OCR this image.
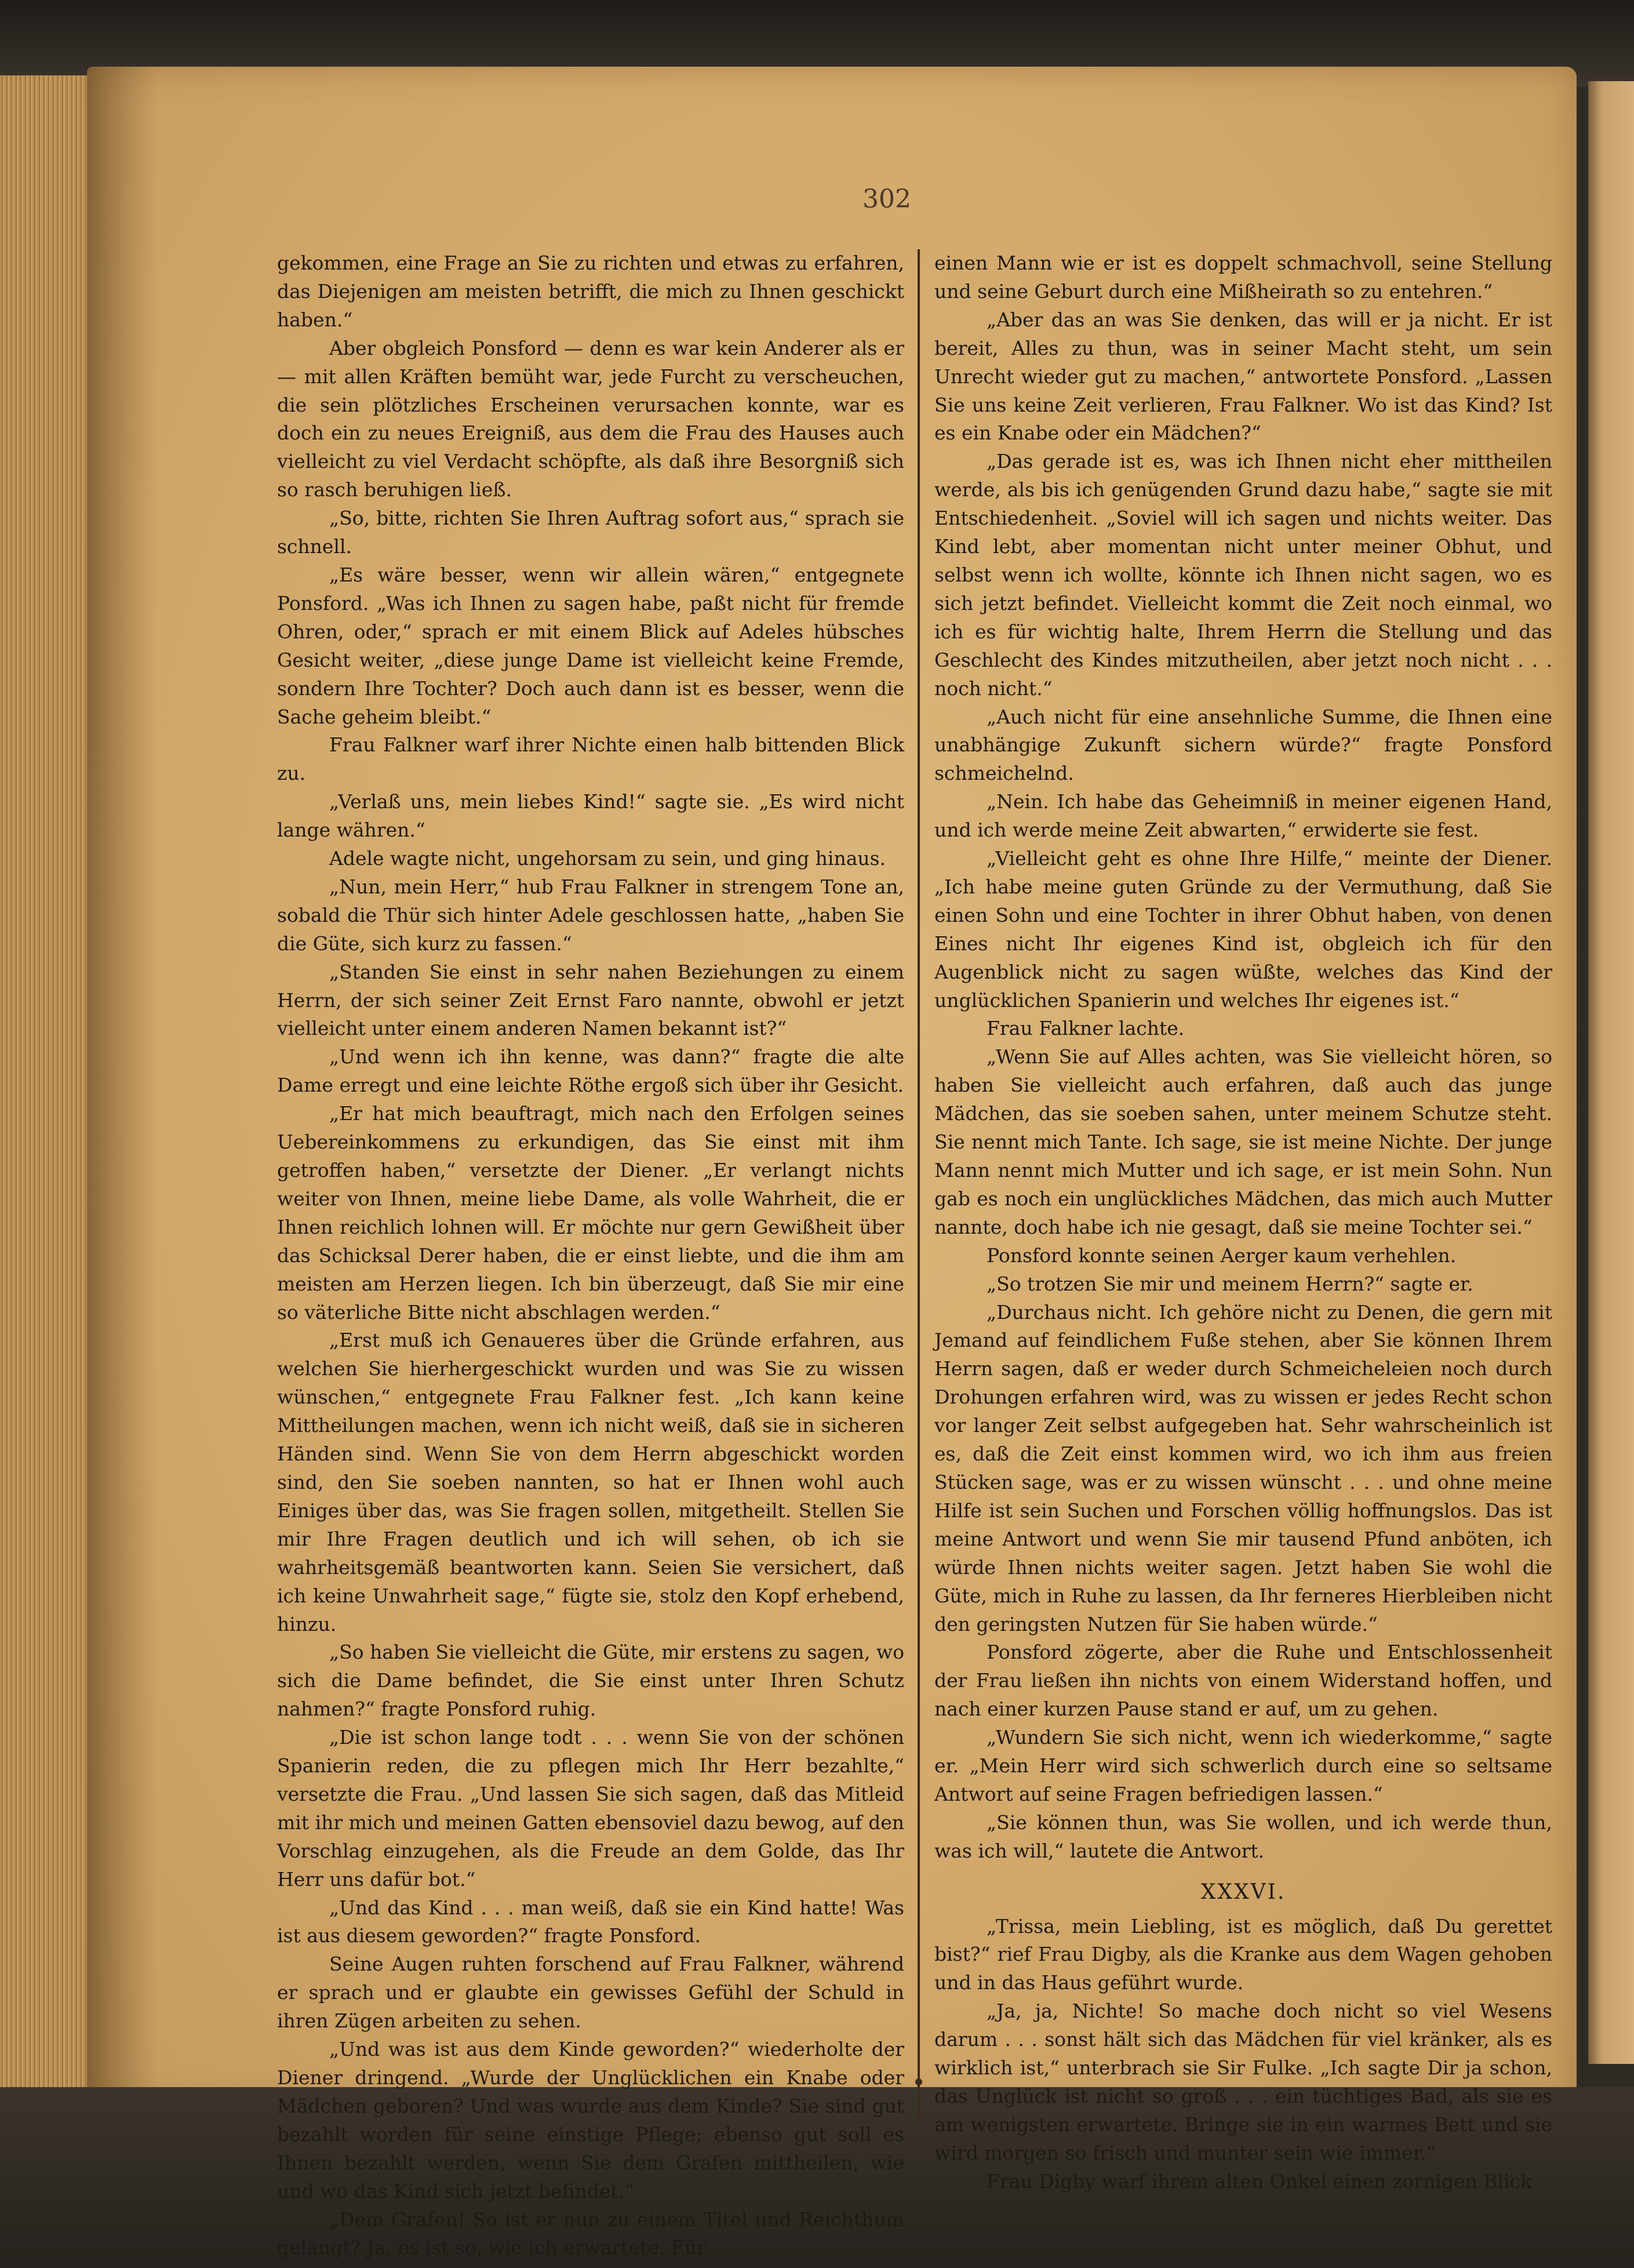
302

gekommen, eine Frage an Sie zu richten und etwas zu erfahren, das Diejenigen am meisten betrifft, die mich zu Ihnen geschickt haben.“

Aber obgleich Ponsford — denn es war kein Anderer als er — mit allen Kräften bemüht war, jede Furcht zu verscheuchen, die sein plötzliches Erscheinen verursachen konnte, war es doch ein zu neues Ereigniß, aus dem die Frau des Hauses auch vielleicht zu viel Verdacht schöpfte, als daß ihre Besorgniß sich so rasch beruhigen ließ.

„So, bitte, richten Sie Ihren Auftrag sofort aus,“ sprach sie schnell.

„Es wäre besser, wenn wir allein wären,“ entgegnete Ponsford. „Was ich Ihnen zu sagen habe, paßt nicht für fremde Ohren, oder,“ sprach er mit einem Blick auf Adeles hübsches Gesicht weiter, „diese junge Dame ist vielleicht keine Fremde, sondern Ihre Tochter? Doch auch dann ist es besser, wenn die Sache geheim bleibt.“

Frau Falkner warf ihrer Nichte einen halb bittenden Blick zu.

„Verlaß uns, mein liebes Kind!“ sagte sie. „Es wird nicht lange währen.“

Adele wagte nicht, ungehorsam zu sein, und ging hinaus.

„Nun, mein Herr,“ hub Frau Falkner in strengem Tone an, sobald die Thür sich hinter Adele geschlossen hatte, „haben Sie die Güte, sich kurz zu fassen.“

„Standen Sie einst in sehr nahen Beziehungen zu einem Herrn, der sich seiner Zeit Ernst Faro nannte, obwohl er jetzt vielleicht unter einem anderen Namen bekannt ist?“

„Und wenn ich ihn kenne, was dann?“ fragte die alte Dame erregt und eine leichte Röthe ergoß sich über ihr Gesicht.

„Er hat mich beauftragt, mich nach den Erfolgen seines Uebereinkommens zu erkundigen, das Sie einst mit ihm getroffen haben,“ versetzte der Diener. „Er verlangt nichts weiter von Ihnen, meine liebe Dame, als volle Wahrheit, die er Ihnen reichlich lohnen will. Er möchte nur gern Gewißheit über das Schicksal Derer haben, die er einst liebte, und die ihm am meisten am Herzen liegen. Ich bin überzeugt, daß Sie mir eine so väterliche Bitte nicht abschlagen werden.“

„Erst muß ich Genaueres über die Gründe erfahren, aus welchen Sie hierhergeschickt wurden und was Sie zu wissen wünschen,“ entgegnete Frau Falkner fest. „Ich kann keine Mittheilungen machen, wenn ich nicht weiß, daß sie in sicheren Händen sind. Wenn Sie von dem Herrn abgeschickt worden sind, den Sie soeben nannten, so hat er Ihnen wohl auch Einiges über das, was Sie fragen sollen, mitgetheilt. Stellen Sie mir Ihre Fragen deutlich und ich will sehen, ob ich sie wahrheitsgemäß beantworten kann. Seien Sie versichert, daß ich keine Unwahrheit sage,“ fügte sie, stolz den Kopf erhebend, hinzu.

„So haben Sie vielleicht die Güte, mir erstens zu sagen, wo sich die Dame befindet, die Sie einst unter Ihren Schutz nahmen?“ fragte Ponsford ruhig.

„Die ist schon lange todt . . . wenn Sie von der schönen Spanierin reden, die zu pflegen mich Ihr Herr bezahlte,“ versetzte die Frau. „Und lassen Sie sich sagen, daß das Mitleid mit ihr mich und meinen Gatten ebensoviel dazu bewog, auf den Vorschlag einzugehen, als die Freude an dem Golde, das Ihr Herr uns dafür bot.“

„Und das Kind . . . man weiß, daß sie ein Kind hatte! Was ist aus diesem geworden?“ fragte Ponsford.

Seine Augen ruhten forschend auf Frau Falkner, während er sprach und er glaubte ein gewisses Gefühl der Schuld in ihren Zügen arbeiten zu sehen.

„Und was ist aus dem Kinde geworden?“ wiederholte der Diener dringend. „Wurde der Unglücklichen ein Knabe oder Mädchen geboren? Und was wurde aus dem Kinde? Sie sind gut bezahlt worden für seine einstige Pflege; ebenso gut soll es Ihnen bezahlt werden, wenn Sie dem Grafen mittheilen, wie und wo das Kind sich jetzt befindet.“

„Dem Grafen! So ist er nun zu einem Titel und Reichthum gelangt? Ja, es ist so, wie ich erwartete. Für

einen Mann wie er ist es doppelt schmachvoll, seine Stellung und seine Geburt durch eine Mißheirath so zu entehren.“

„Aber das an was Sie denken, das will er ja nicht. Er ist bereit, Alles zu thun, was in seiner Macht steht, um sein Unrecht wieder gut zu machen,“ antwortete Ponsford. „Lassen Sie uns keine Zeit verlieren, Frau Falkner. Wo ist das Kind? Ist es ein Knabe oder ein Mädchen?“

„Das gerade ist es, was ich Ihnen nicht eher mittheilen werde, als bis ich genügenden Grund dazu habe,“ sagte sie mit Entschiedenheit. „Soviel will ich sagen und nichts weiter. Das Kind lebt, aber momentan nicht unter meiner Obhut, und selbst wenn ich wollte, könnte ich Ihnen nicht sagen, wo es sich jetzt befindet. Vielleicht kommt die Zeit noch einmal, wo ich es für wichtig halte, Ihrem Herrn die Stellung und das Geschlecht des Kindes mitzutheilen, aber jetzt noch nicht . . . noch nicht.“

„Auch nicht für eine ansehnliche Summe, die Ihnen eine unabhängige Zukunft sichern würde?“ fragte Ponsford schmeichelnd.

„Nein. Ich habe das Geheimniß in meiner eigenen Hand, und ich werde meine Zeit abwarten,“ erwiderte sie fest.

„Vielleicht geht es ohne Ihre Hilfe,“ meinte der Diener. „Ich habe meine guten Gründe zu der Vermuthung, daß Sie einen Sohn und eine Tochter in ihrer Obhut haben, von denen Eines nicht Ihr eigenes Kind ist, obgleich ich für den Augenblick nicht zu sagen wüßte, welches das Kind der unglücklichen Spanierin und welches Ihr eigenes ist.“

Frau Falkner lachte.

„Wenn Sie auf Alles achten, was Sie vielleicht hören, so haben Sie vielleicht auch erfahren, daß auch das junge Mädchen, das sie soeben sahen, unter meinem Schutze steht. Sie nennt mich Tante. Ich sage, sie ist meine Nichte. Der junge Mann nennt mich Mutter und ich sage, er ist mein Sohn. Nun gab es noch ein unglückliches Mädchen, das mich auch Mutter nannte, doch habe ich nie gesagt, daß sie meine Tochter sei.“

Ponsford konnte seinen Aerger kaum verhehlen.

„So trotzen Sie mir und meinem Herrn?“ sagte er.

„Durchaus nicht. Ich gehöre nicht zu Denen, die gern mit Jemand auf feindlichem Fuße stehen, aber Sie können Ihrem Herrn sagen, daß er weder durch Schmeicheleien noch durch Drohungen erfahren wird, was zu wissen er jedes Recht schon vor langer Zeit selbst aufgegeben hat. Sehr wahrscheinlich ist es, daß die Zeit einst kommen wird, wo ich ihm aus freien Stücken sage, was er zu wissen wünscht . . . und ohne meine Hilfe ist sein Suchen und Forschen völlig hoffnungslos. Das ist meine Antwort und wenn Sie mir tausend Pfund anböten, ich würde Ihnen nichts weiter sagen. Jetzt haben Sie wohl die Güte, mich in Ruhe zu lassen, da Ihr ferneres Hierbleiben nicht den geringsten Nutzen für Sie haben würde.“

Ponsford zögerte, aber die Ruhe und Entschlossenheit der Frau ließen ihn nichts von einem Widerstand hoffen, und nach einer kurzen Pause stand er auf, um zu gehen.

„Wundern Sie sich nicht, wenn ich wiederkomme,“ sagte er. „Mein Herr wird sich schwerlich durch eine so seltsame Antwort auf seine Fragen befriedigen lassen.“

„Sie können thun, was Sie wollen, und ich werde thun, was ich will,“ lautete die Antwort.

XXXVI.

„Trissa, mein Liebling, ist es möglich, daß Du gerettet bist?“ rief Frau Digby, als die Kranke aus dem Wagen gehoben und in das Haus geführt wurde.

„Ja, ja, Nichte! So mache doch nicht so viel Wesens darum . . . sonst hält sich das Mädchen für viel kränker, als es wirklich ist,“ unterbrach sie Sir Fulke. „Ich sagte Dir ja schon, das Unglück ist nicht so groß . . . ein tüchtiges Bad, als sie es am wenigsten erwartete. Bringe sie in ein warmes Bett und sie wird morgen so frisch und munter sein wie immer.“

Frau Digby warf ihrem alten Onkel einen zornigen Blick
